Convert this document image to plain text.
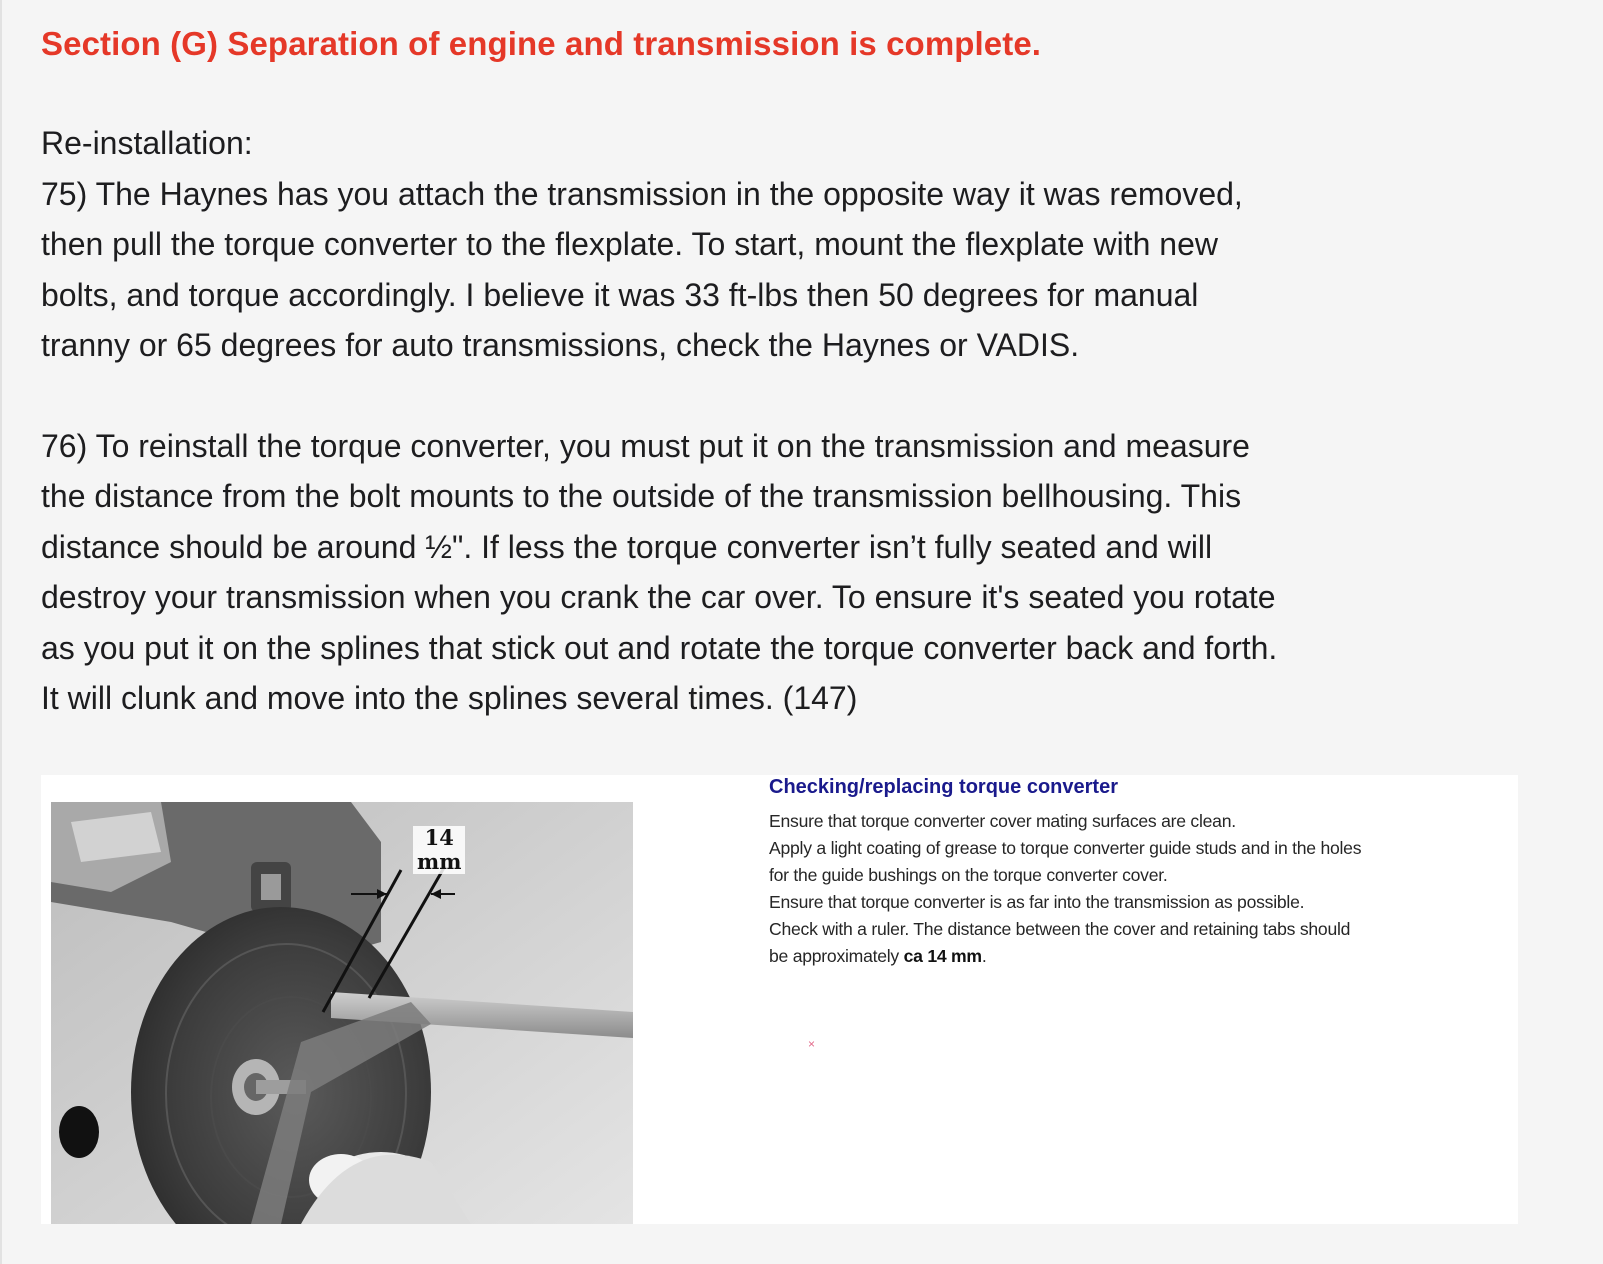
Section (G) Separation of engine and transmission is complete.

Re-installation:

75) The Haynes has you attach the transmission in the opposite way it was removed,

then pull the torque converter to the flexplate. To start, mount the flexplate with new

bolts, and torque accordingly. I believe it was 33 ft-lbs then 50 degrees for manual

tranny or 65 degrees for auto transmissions, check the Haynes or VADIS.

76) To reinstall the torque converter, you must put it on the transmission and measure

the distance from the bolt mounts to the outside of the transmission bellhousing. This

distance should be around ½". If less the torque converter isn’t fully seated and will

destroy your transmission when you crank the car over. To ensure it's seated you rotate

as you put it on the splines that stick out and rotate the torque converter back and forth.

It will clunk and move into the splines several times. (147)

14
mm

Checking/replacing torque converter

Ensure that torque converter cover mating surfaces are clean.

Apply a light coating of grease to torque converter guide studs and in the holes

for the guide bushings on the torque converter cover.

Ensure that torque converter is as far into the transmission as possible.

Check with a ruler. The distance between the cover and retaining tabs should

be approximately ca 14 mm.

×
